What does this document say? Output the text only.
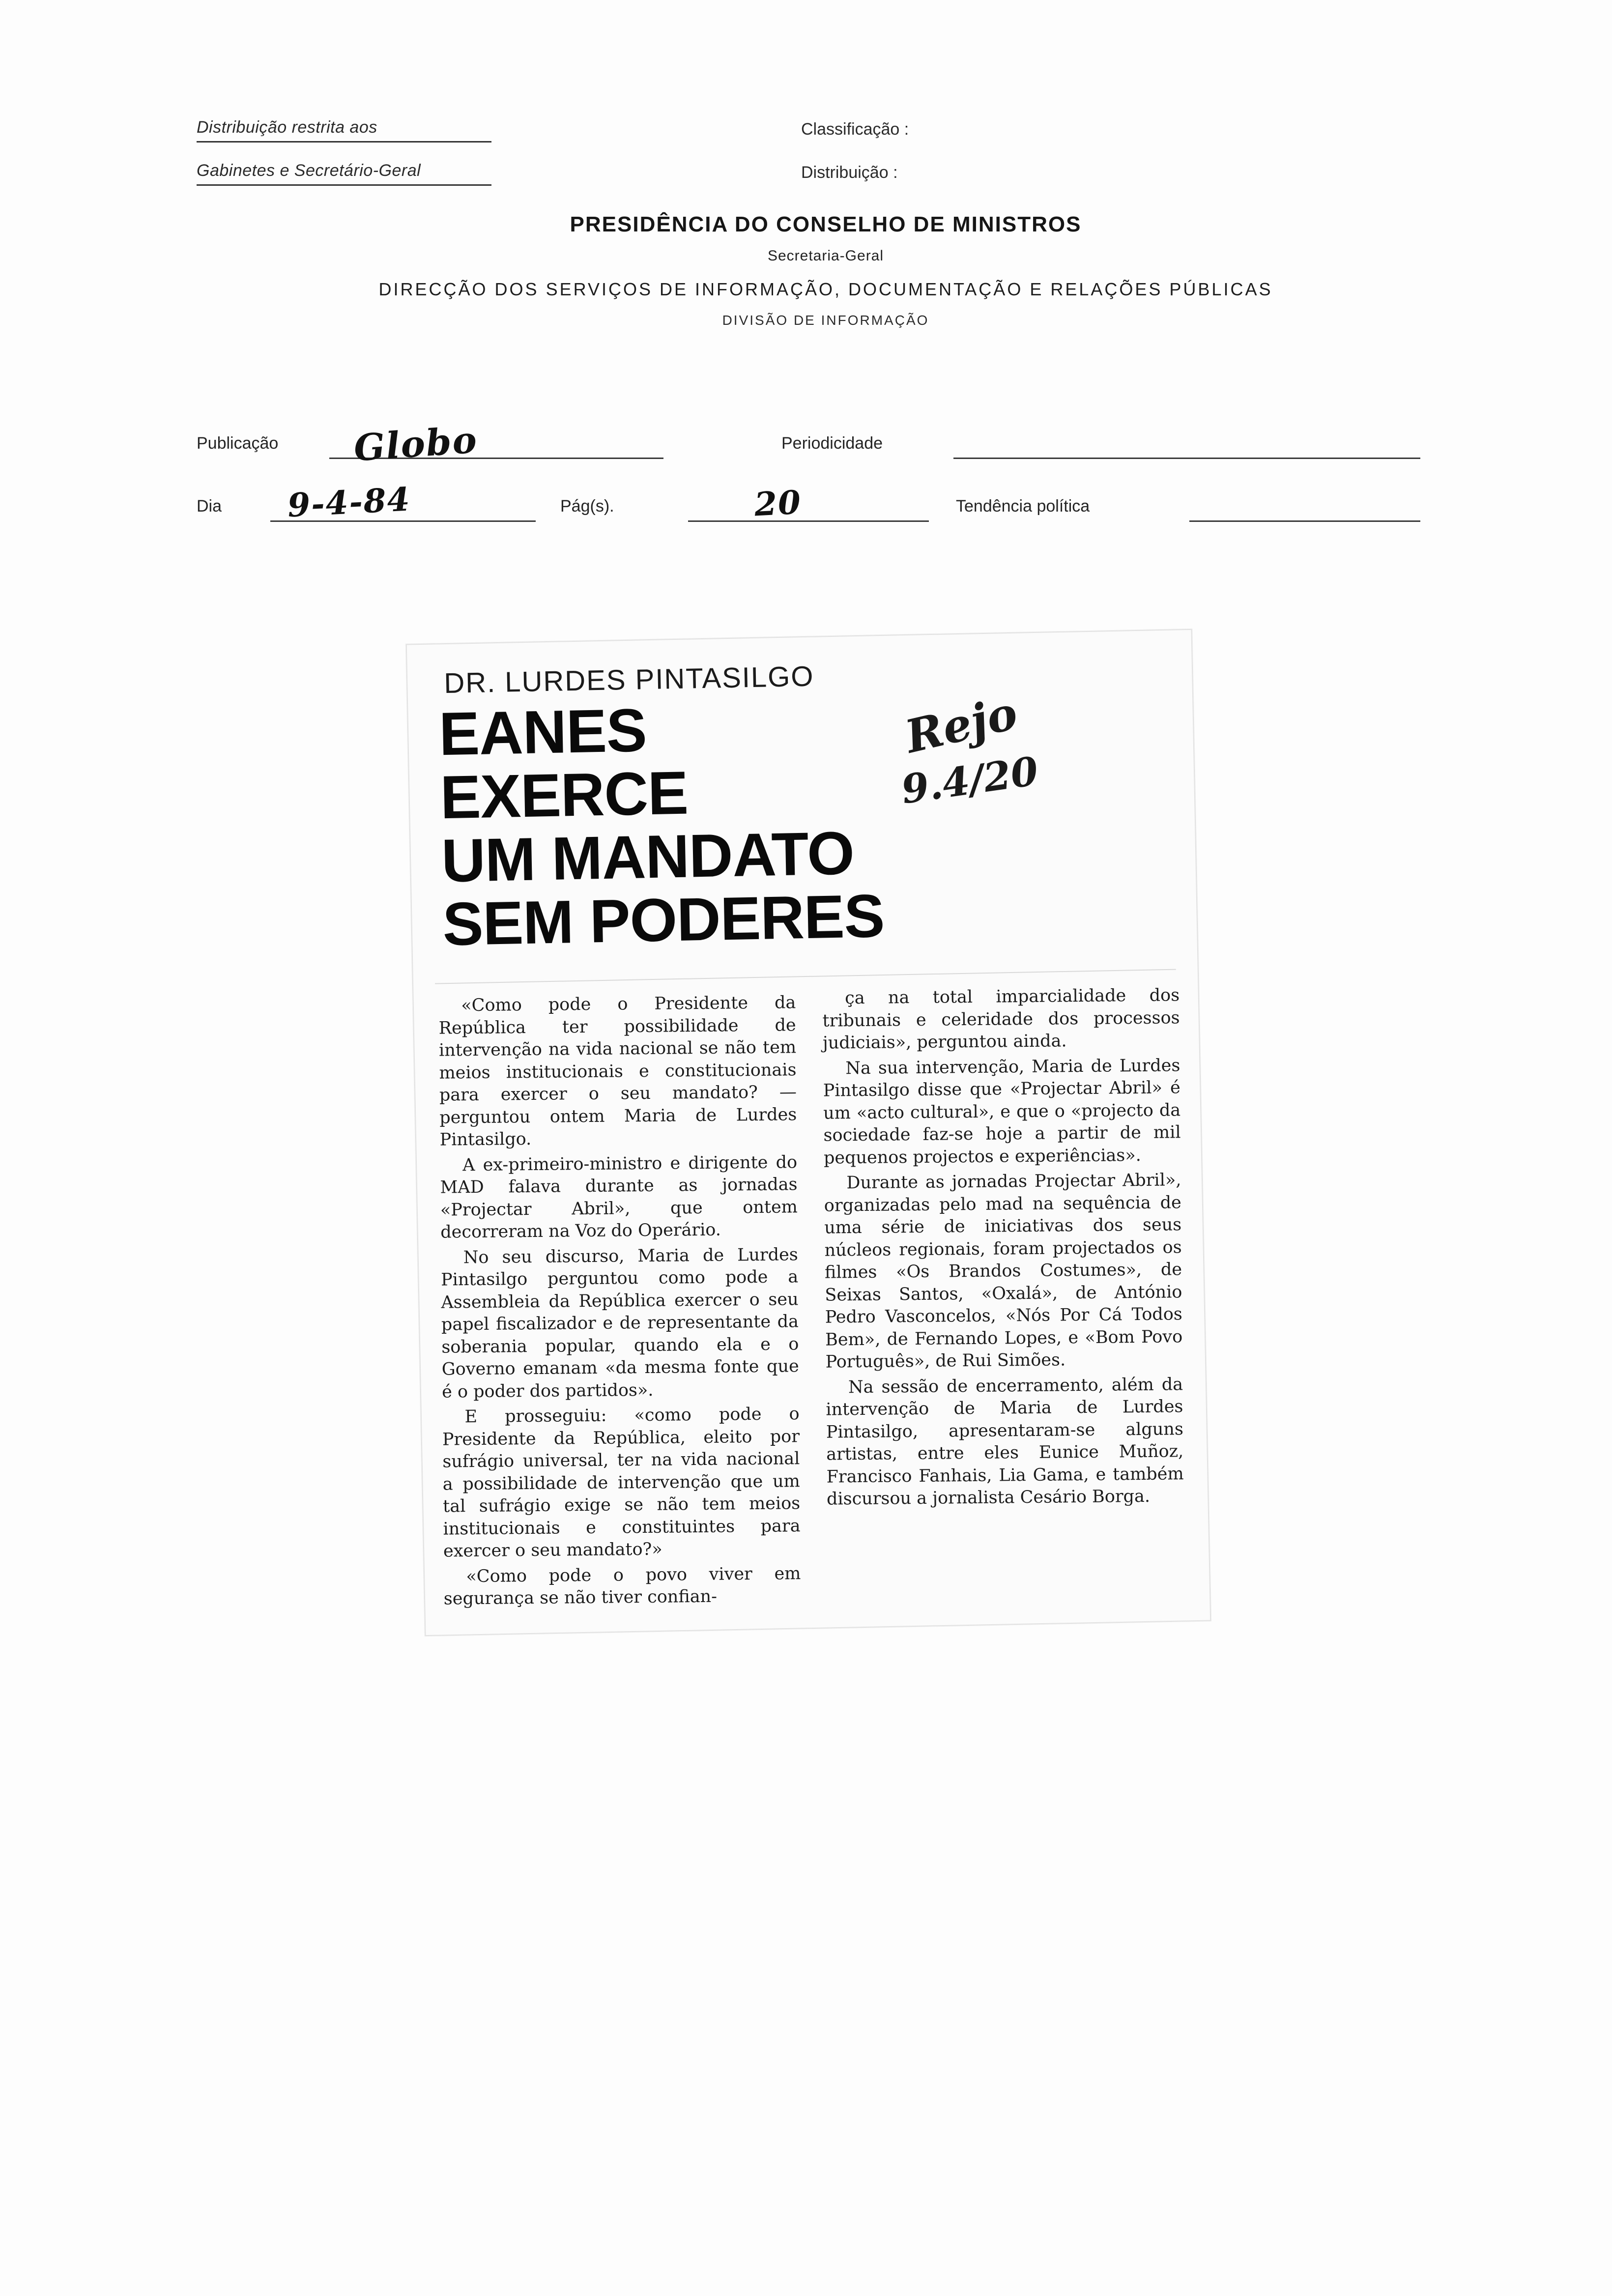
Distribuição restrita aos
Gabinetes e Secretário-Geral
Classificação :
Distribuição :
PRESIDÊNCIA DO CONSELHO DE MINISTROS
Secretaria-Geral
DIRECÇÃO DOS SERVIÇOS DE INFORMAÇÃO, DOCUMENTAÇÃO E RELAÇÕES PÚBLICAS
DIVISÃO DE INFORMAÇÃO
Publicação Globo	Periodicidade
Dia 9-4-84	Pág(s).	20	Tendência política
DR. LURDES PINTASILGO
EANES
EXERCE
UM MANDATO
SEM PODERES
Rejo
9.4/20

«Como pode o Presidente da República ter possibilidade de intervenção na vida nacional se não tem meios institucionais e constitucionais para exercer o seu mandato? — perguntou ontem Maria de Lurdes Pintasilgo.

A ex-primeiro-ministro e dirigente do MAD falava durante as jornadas «Projectar Abril», que ontem decorreram na Voz do Operário.

No seu discurso, Maria de Lurdes Pintasilgo perguntou como pode a Assembleia da República exercer o seu papel fiscalizador e de representante da soberania popular, quando ela e o Governo emanam «da mesma fonte que é o poder dos partidos».

E prosseguiu: «como pode o Presidente da República, eleito por sufrágio universal, ter na vida nacional a possibilidade de intervenção que um tal sufrágio exige se não tem meios institucionais e constituintes para exercer o seu mandato?»

«Como pode o povo viver em segurança se não tiver confian-

ça na total imparcialidade dos tribunais e celeridade dos processos judiciais», perguntou ainda.

Na sua intervenção, Maria de Lurdes Pintasilgo disse que «Projectar Abril» é um «acto cultural», e que o «projecto da sociedade faz-se hoje a partir de mil pequenos projectos e experiências».

Durante as jornadas Projectar Abril», organizadas pelo mad na sequência de uma série de iniciativas dos seus núcleos regionais, foram projectados os filmes «Os Brandos Costumes», de Seixas Santos, «Oxalá», de António Pedro Vasconcelos, «Nós Por Cá Todos Bem», de Fernando Lopes, e «Bom Povo Português», de Rui Simões.

Na sessão de encerramento, além da intervenção de Maria de Lurdes Pintasilgo, apresentaram-se alguns artistas, entre eles Eunice Muñoz, Francisco Fanhais, Lia Gama, e também discursou a jornalista Cesário Borga.
